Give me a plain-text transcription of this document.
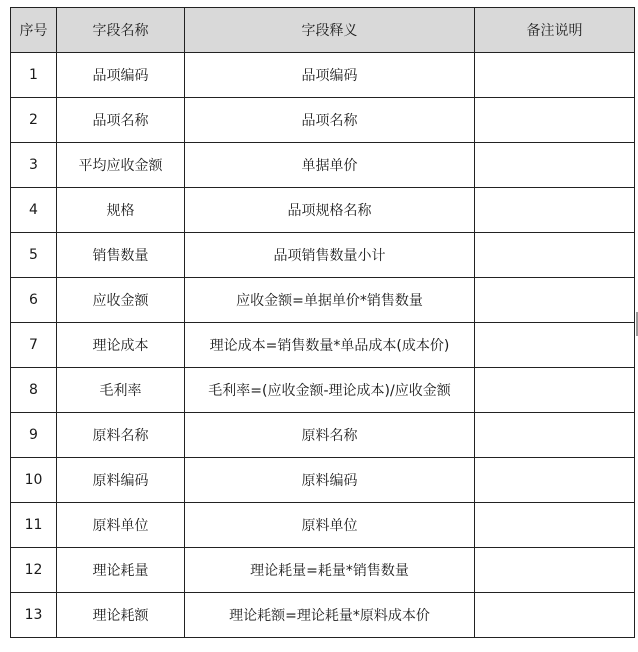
序号	字段名称	字段释义	备注说明
1	品项编码	品项编码	
2	品项名称	品项名称	
3	平均应收金额	单据单价	
4	规格	品项规格名称	
5	销售数量	品项销售数量小计	
6	应收金额	应收金额=单据单价*销售数量	
7	理论成本	理论成本=销售数量*单品成本(成本价)	
8	毛利率	毛利率=(应收金额-理论成本)/应收金额	
9	原料名称	原料名称	
10	原料编码	原料编码	
11	原料单位	原料单位	
12	理论耗量	理论耗量=耗量*销售数量	
13	理论耗额	理论耗额=理论耗量*原料成本价	
